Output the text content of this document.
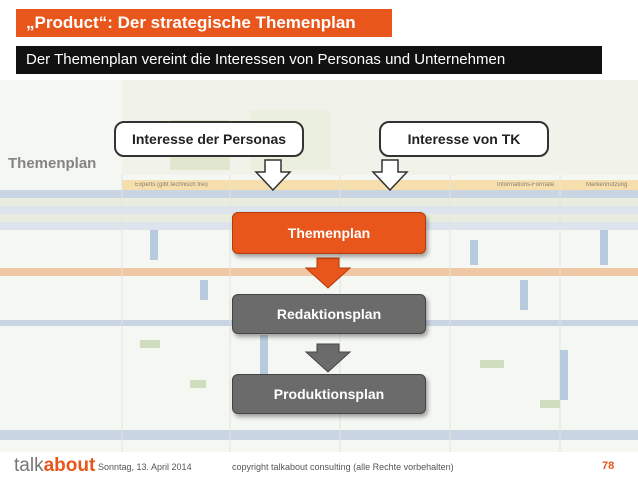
„Product“: Der strategische Themenplan
Der Themenplan vereint die Interessen von Personas und Unternehmen
Themenplan
Experts (gibt technisch frei)	Informations-Formate	Markennutzung
Interesse der Personas	Interesse von TK
Themenplan
Redaktionsplan
Produktionsplan
talkabout Sonntag, 13. April 2014	copyright talkabout consulting (alle Rechte vorbehalten)	78
